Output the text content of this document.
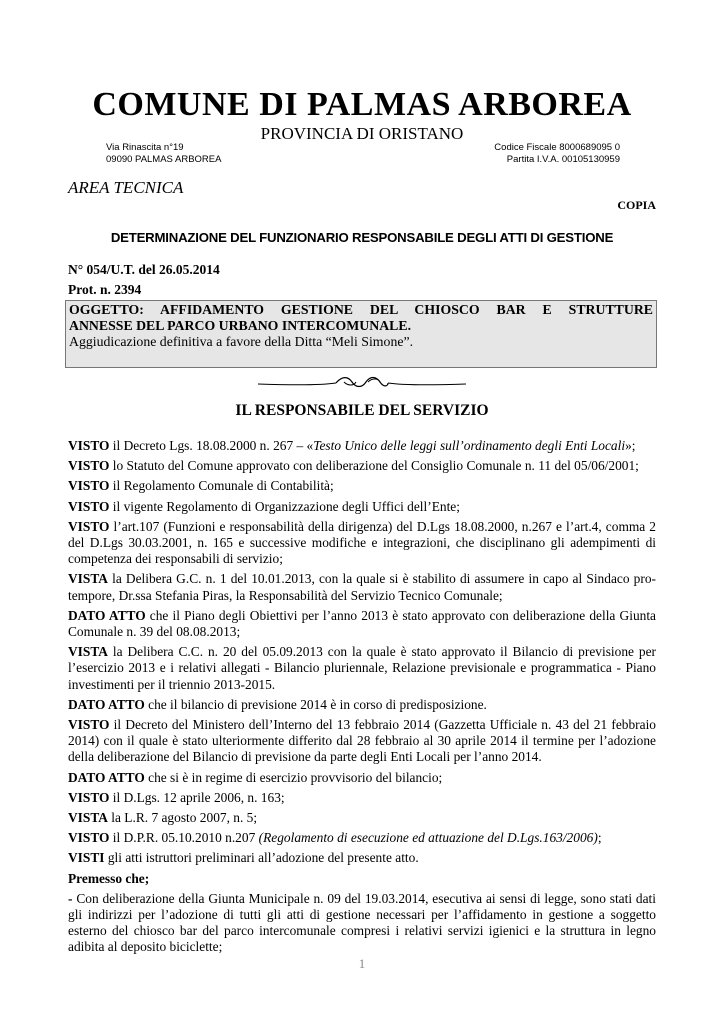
COMUNE DI PALMAS ARBOREA
PROVINCIA DI ORISTANO
Via Rinascita n°19
09090 PALMAS ARBOREA
Codice Fiscale 8000689095 0
Partita I.V.A. 00105130959
AREA TECNICA
COPIA
DETERMINAZIONE DEL FUNZIONARIO RESPONSABILE DEGLI ATTI DI GESTIONE
N° 054/U.T. del 26.05.2014
Prot. n. 2394
OGGETTO: AFFIDAMENTO GESTIONE DEL CHIOSCO BAR E STRUTTURE
ANNESSE DEL PARCO URBANO INTERCOMUNALE.
Aggiudicazione definitiva a favore della Ditta “Meli Simone”.
IL RESPONSABILE DEL SERVIZIO

VISTO il Decreto Lgs. 18.08.2000 n. 267 – «Testo Unico delle leggi sull’ordinamento degli Enti Locali»;

VISTO lo Statuto del Comune approvato con deliberazione del Consiglio Comunale n. 11 del 05/06/2001;

VISTO il Regolamento Comunale di Contabilità;

VISTO il vigente Regolamento di Organizzazione degli Uffici dell’Ente;

VISTO l’art.107 (Funzioni e responsabilità della dirigenza) del D.Lgs 18.08.2000, n.267 e l’art.4, comma 2 del D.Lgs 30.03.2001, n. 165 e successive modifiche e integrazioni, che disciplinano gli adempimenti di competenza dei responsabili di servizio;

VISTA la Delibera G.C. n. 1 del 10.01.2013, con la quale si è stabilito di assumere in capo al Sindaco pro-tempore, Dr.ssa Stefania Piras, la Responsabilità del Servizio Tecnico Comunale;

DATO ATTO che il Piano degli Obiettivi per l’anno 2013 è stato approvato con deliberazione della Giunta Comunale n. 39 del 08.08.2013;

VISTA la Delibera C.C. n. 20 del 05.09.2013 con la quale è stato approvato il Bilancio di previsione per l’esercizio 2013 e i relativi allegati - Bilancio pluriennale, Relazione previsionale e programmatica - Piano investimenti per il triennio 2013-2015.

DATO ATTO che il bilancio di previsione 2014 è in corso di predisposizione.

VISTO il Decreto del Ministero dell’Interno del 13 febbraio 2014 (Gazzetta Ufficiale n. 43 del 21 febbraio 2014) con il quale è stato ulteriormente differito dal 28 febbraio al 30 aprile 2014 il termine per l’adozione della deliberazione del Bilancio di previsione da parte degli Enti Locali per l’anno 2014.

DATO ATTO che si è in regime di esercizio provvisorio del bilancio;

VISTO il D.Lgs. 12 aprile 2006, n. 163;

VISTA la L.R. 7 agosto 2007, n. 5;

VISTO il D.P.R. 05.10.2010 n.207 (Regolamento di esecuzione ed attuazione del D.Lgs.163/2006);

VISTI gli atti istruttori preliminari all’adozione del presente atto.

Premesso che;

- Con deliberazione della Giunta Municipale n. 09 del 19.03.2014, esecutiva ai sensi di legge, sono stati dati gli indirizzi per l’adozione di tutti gli atti di gestione necessari per l’affidamento in gestione a soggetto esterno del chiosco bar del parco intercomunale compresi i relativi servizi igienici e la struttura in legno adibita al deposito biciclette;

1
